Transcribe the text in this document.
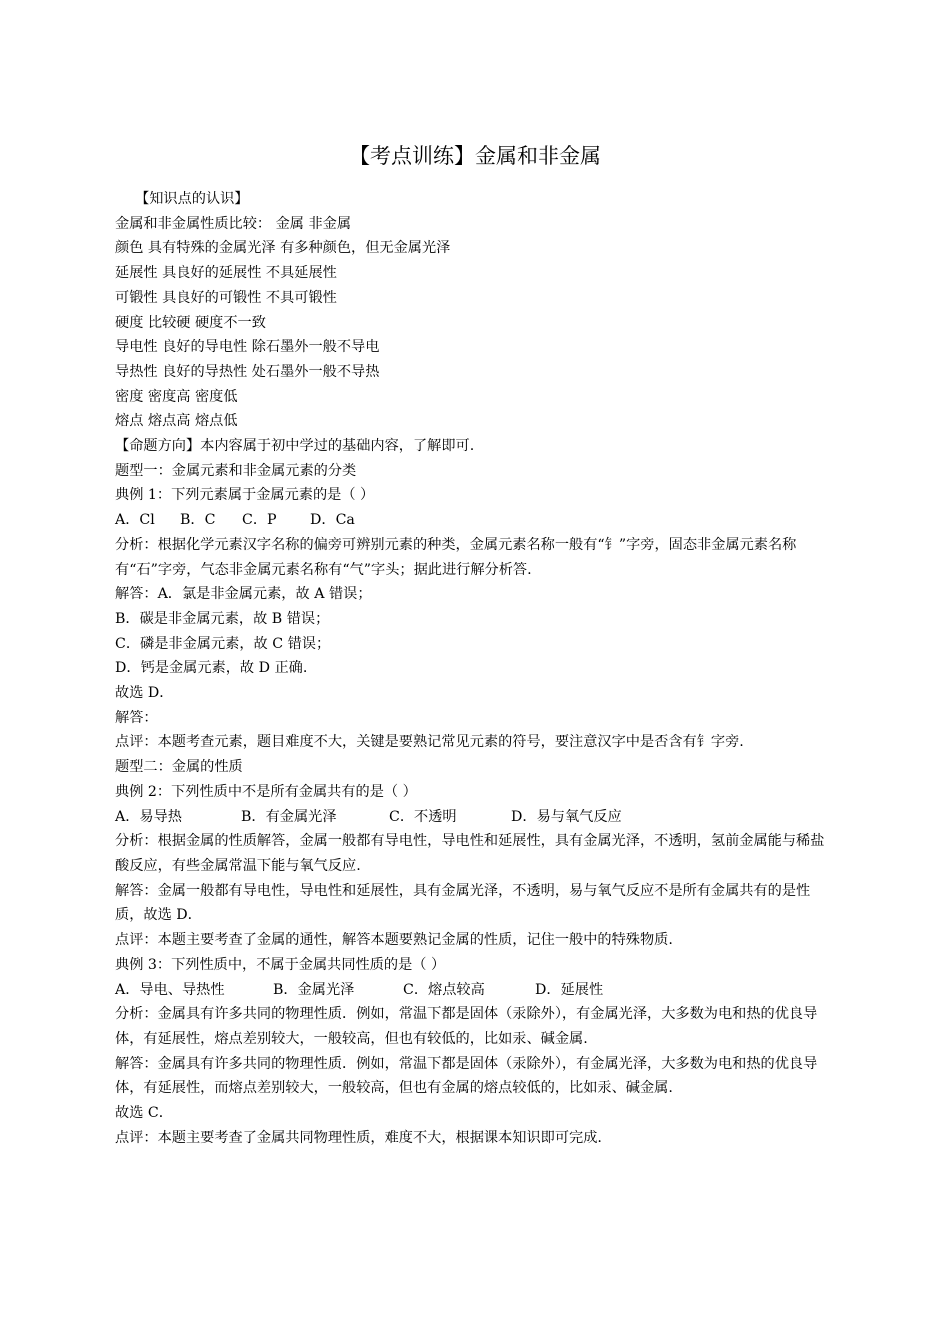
【考点训练】金属和非金属

【知识点的认识】

金属和非金属性质比较： 金属 非金属

颜色 具有特殊的金属光泽 有多种颜色，但无金属光泽

延展性 具良好的延展性 不具延展性

可锻性 具良好的可锻性 不具可锻性

硬度 比较硬 硬度不一致

导电性 良好的导电性 除石墨外一般不导电

导热性 良好的导热性 处石墨外一般不导热

密度 密度高 密度低

熔点 熔点高 熔点低

【命题方向】本内容属于初中学过的基础内容，了解即可.

题型一：金属元素和非金属元素的分类

典例 1：下列元素属于金属元素的是（ ）

A．Cl B．C C．P D．Ca

分析：根据化学元素汉字名称的偏旁可辨别元素的种类，金属元素名称一般有“钅”字旁，固态非金属元素名称有“石”字旁，气态非金属元素名称有“气”字头；据此进行解分析答.

解答：A．氯是非金属元素，故 A 错误；

B．碳是非金属元素，故 B 错误；

C．磷是非金属元素，故 C 错误；

D．钙是金属元素，故 D 正确.

故选 D．

解答：

点评：本题考查元素，题目难度不大，关键是要熟记常见元素的符号，要注意汉字中是否含有钅字旁.

题型二：金属的性质

典例 2：下列性质中不是所有金属共有的是（ ）

A．易导热	B．有金属光泽	C．不透明	D．易与氧气反应

分析：根据金属的性质解答，金属一般都有导电性，导电性和延展性，具有金属光泽，不透明，氢前金属能与稀盐酸反应，有些金属常温下能与氧气反应.

解答：金属一般都有导电性，导电性和延展性，具有金属光泽，不透明，易与氧气反应不是所有金属共有的是性质，故选 D．

点评：本题主要考查了金属的通性，解答本题要熟记金属的性质，记住一般中的特殊物质.

典例 3：下列性质中，不属于金属共同性质的是（ ）

A．导电、导热性	B．金属光泽	C．熔点较高	D．延展性

分析：金属具有许多共同的物理性质．例如，常温下都是固体（汞除外），有金属光泽，大多数为电和热的优良导体，有延展性，熔点差别较大，一般较高，但也有较低的，比如汞、碱金属.

解答：金属具有许多共同的物理性质．例如，常温下都是固体（汞除外），有金属光泽，大多数为电和热的优良导体，有延展性，而熔点差别较大，一般较高，但也有金属的熔点较低的，比如汞、碱金属.

故选 C．

点评：本题主要考查了金属共同物理性质，难度不大，根据课本知识即可完成.
